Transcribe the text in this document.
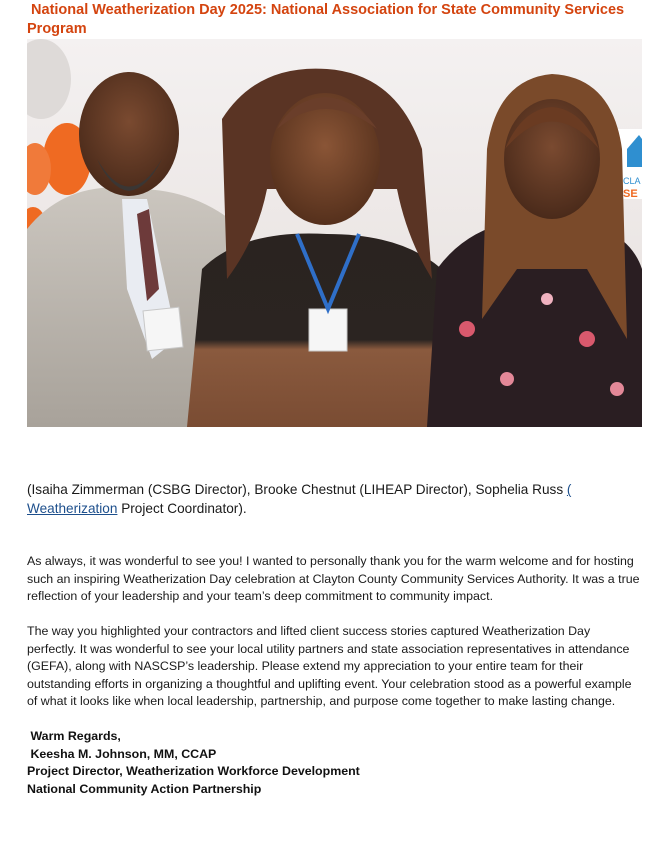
National Weatherization Day 2025: National Association for State Community Services Program
CLA
SE

(Isaiha Zimmerman (CSBG Director), Brooke Chestnut (LIHEAP Director), Sophelia Russ ( Weatherization Project Coordinator).

As always, it was wonderful to see you! I wanted to personally thank you for the warm welcome and for hosting such an inspiring Weatherization Day celebration at Clayton County Community Services Authority. It was a true reflection of your leadership and your team’s deep commitment to community impact.

The way you highlighted your contractors and lifted client success stories captured Weatherization Day perfectly. It was wonderful to see your local utility partners and state association representatives in attendance (GEFA), along with NASCSP’s leadership. Please extend my appreciation to your entire team for their outstanding efforts in organizing a thoughtful and uplifting event. Your celebration stood as a powerful example of what it looks like when local leadership, partnership, and purpose come together to make lasting change.

Warm Regards,
Keesha M. Johnson, MM, CCAP
Project Director, Weatherization Workforce Development
National Community Action Partnership
